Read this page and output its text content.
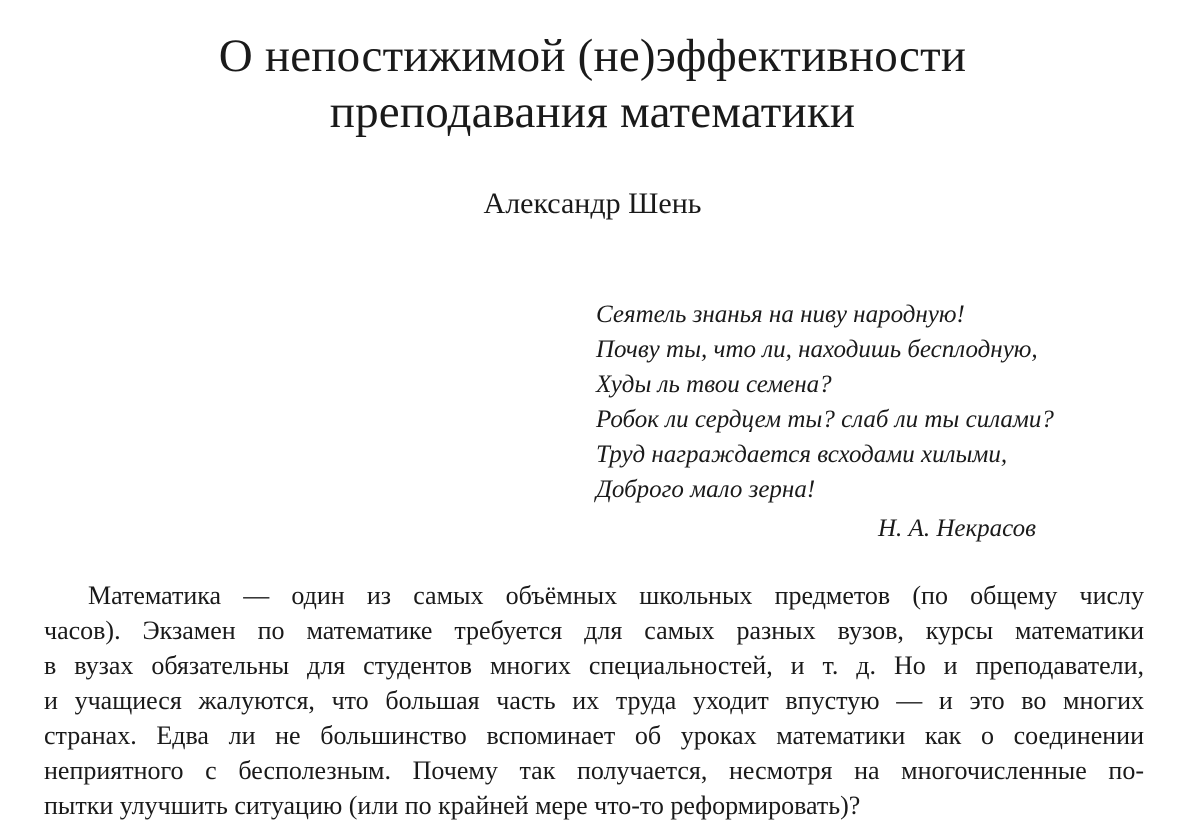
О непостижимой (не)эффективности
преподавания математики
Александр Шень
Сеятель знанья на ниву народную!
Почву ты, что ли, находишь бесплодную,
Худы ль твои семена?
Робок ли сердцем ты? слаб ли ты силами?
Труд награждается всходами хилыми,
Доброго мало зерна!
Н. А. Некрасов
Математика — один из самых объёмных школьных предметов (по общему числу
часов). Экзамен по математике требуется для самых разных вузов, курсы математики
в вузах обязательны для студентов многих специальностей, и т. д. Но и преподаватели,
и учащиеся жалуются, что большая часть их труда уходит впустую — и это во многих
странах. Едва ли не большинство вспоминает об уроках математики как о соединении
неприятного с бесполезным. Почему так получается, несмотря на многочисленные по-
пытки улучшить ситуацию (или по крайней мере что-то реформировать)?
